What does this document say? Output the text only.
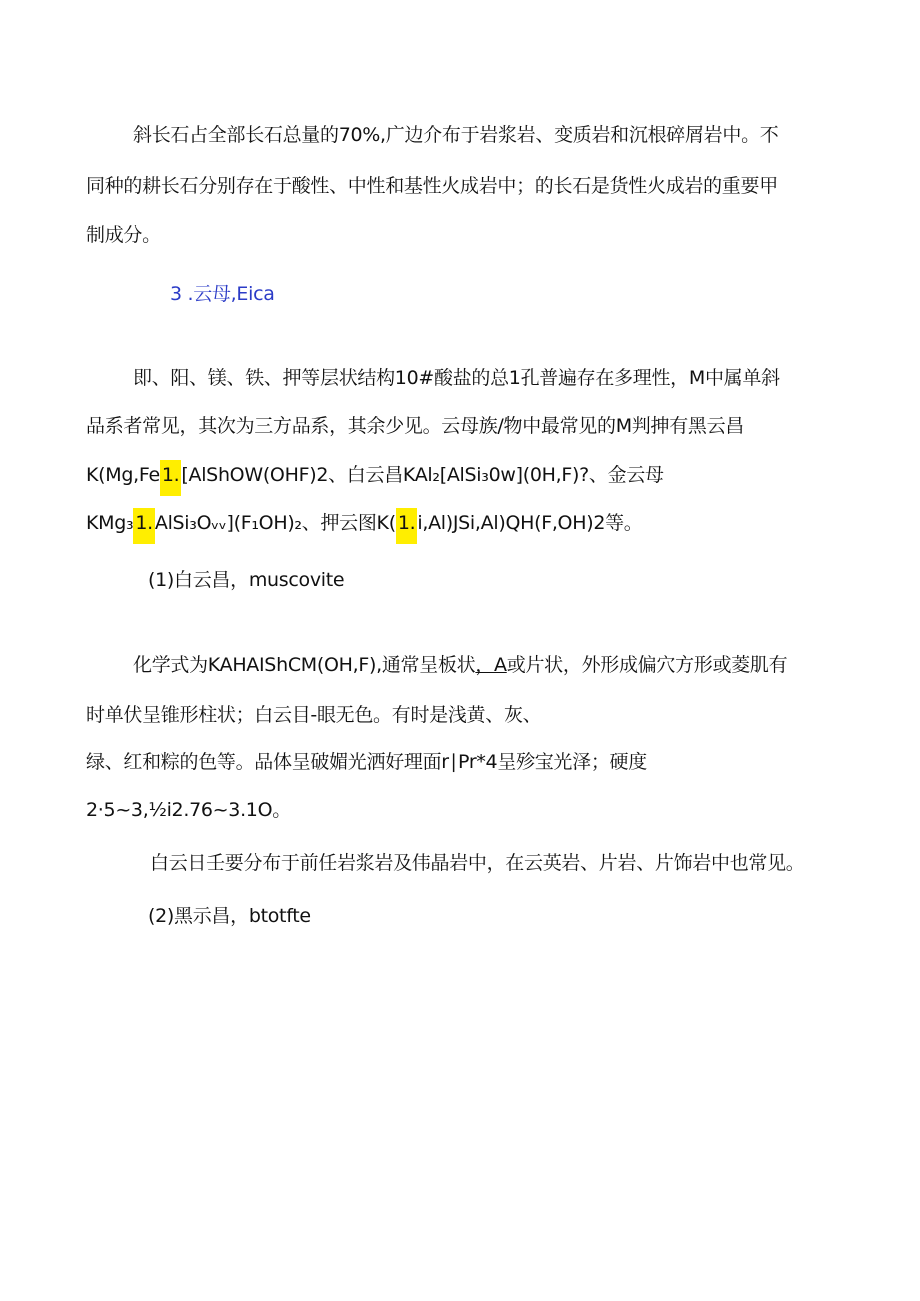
斜长石占全部长石总量的70%,广边介布于岩浆岩、变质岩和沉根碎屑岩中。不
同种的耕长石分别存在于酸性、中性和基性火成岩中；的长石是货性火成岩的重要甲
制成分。
3 .云母,Eica
即、阳、镁、铁、押等层状结构10#酸盐的总1孔普遍存在多理性，M中属单斜
品系者常见，其次为三方品系，其余少见。云母族/物中最常见的M判抻有黑云昌
K(Mg,Fe 1. [AlShOW(OHF)2、白云昌KAl₂[AlSi₃0w](0H,F)?、金云母
KMg₃ 1. AlSi₃Oᵥᵥ](F₁OH)₂、押云图K( 1. i,Al)JSi,Al)QH(F,OH)2等。
(1)白云昌，muscovite
化学式为KAHAIShCM(OH,F),通常呈板状，A或片状，外形成偏穴方形或菱肌有
时单伏呈锥形柱状；白云目-眼无色。有时是浅黄、灰、
绿、红和粽的色等。品体呈破媚光洒好理面r∣Pr*4呈殄宝光泽；硬度
2·5~3,½i2.76~3.1O。
白云日壬要分布于前任岩浆岩及伟晶岩中，在云英岩、片岩、片饰岩中也常见。
(2)黑示昌，btotfte
